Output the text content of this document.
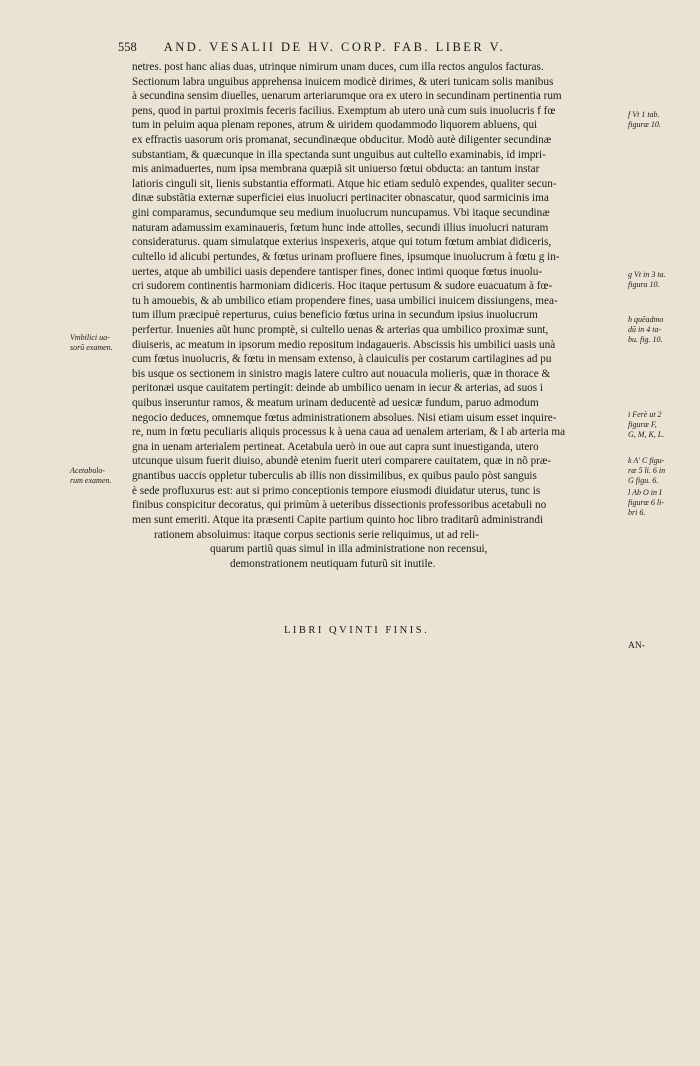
558 AND. VESALII DE HV. CORP. FAB. LIBER V.
netres. post hanc alias duas, utrinque nimirum unam duces, cum illa rectos angulos facturas.
Sectionum labra unguibus apprehensa inuicem modicè dirimes, & uteri tunicam solis manibus
à secundina sensim diuelles, uenarum arteriarumque ora ex utero in secundinam pertinentia rum
pens, quod in partui proximis feceris facilius. Exemptum ab utero unà cum suis inuolucris f fœ
tum in peluim aqua plenam repones, atrum & uiridem quodammodo liquorem abluens, qui
ex effractis uasorum oris promanat, secundinæque obducitur. Modò autè diligenter secundinæ
substantiam, & quæcunque in illa spectanda sunt unguibus aut cultello examinabis, id impri-
mis animaduertes, num ipsa membrana quæpiã sit uniuerso fœtui obducta: an tantum instar
latioris cinguli sit, lienis substantia efformati. Atque hic etiam sedulò expendes, qualiter secun-
dinæ substãtia externæ superficiei eius inuolucri pertinaciter obnascatur, quod sarmicinis ima
gini comparamus, secundumque seu medium inuolucrum nuncupamus. Vbi itaque secundinæ
naturam adamussim examinaueris, fœtum hunc inde attolles, secundi illius inuolucri naturam
consideraturus. quam simulatque exterius inspexeris, atque qui totum fœtum ambiat didiceris,
cultello id alicubi pertundes, & fœtus urinam profluere fines, ipsumque inuolucrum à fœtu g in-
uertes, atque ab umbilici uasis dependere tantisper fines, donec intimi quoque fœtus inuolu-
cri sudorem continentis harmoniam didiceris. Hoc itaque pertusum & sudore euacuatum à fœ-
tu h amouebis, & ab umbilico etiam propendere fines, uasa umbilici inuicem dissiungens, mea-
tum illum præcipuè reperturus, cuius beneficio fœtus urina in secundum ipsius inuolucrum
perfertur. Inuenies aũt hunc promptè, si cultello uenas & arterias qua umbilico proximæ sunt,
diuiseris, ac meatum in ipsorum medio repositum indagaueris. Abscissis his umbilici uasis unà
cum fœtus inuolucris, & fœtu in mensam extenso, à clauiculis per costarum cartilagines ad pu
bis usque os sectionem in sinistro magis latere cultro aut nouacula molieris, quæ in thorace &
peritonæi usque cauitatem pertingit: deinde ab umbilico uenam in iecur & arterias, ad suos i
quibus inseruntur ramos, & meatum urinam deducentè ad uesicæ fundum, paruo admodum
negocio deduces, omnemque fœtus administrationem absolues. Nisi etiam uisum esset inquire-
re, num in fœtu peculiaris aliquis processus k à uena caua ad uenalem arteriam, & l ab arteria ma
gna in uenam arterialem pertineat. Acetabula uerò in oue aut capra sunt inuestiganda, utero
utcunque uisum fuerit diuiso, abundè etenim fuerit uteri comparere cauitatem, quæ in nõ præ-
gnantibus uaccis oppletur tuberculis ab illis non dissimilibus, ex quibus paulo pòst sanguis
è sede profluxurus est: aut si primo conceptionis tempore eiusmodi diuidatur uterus, tunc is
finibus conspicitur decoratus, qui primùm à ueteribus dissectionis professoribus acetabuli no
men sunt emeriti. Atque ita præsenti Capite partium quinto hoc libro traditarũ administrandi
rationem absoluimus: itaque corpus sectionis serie reliquimus, ut ad reli-
quarum partiũ quas simul in illa administratione non recensui,
demonstrationem neutiquam futurũ sit inutile.
LIBRI QVINTI FINIS.
AN-
Vmbilici ua-
sorũ examen.
Acetabulo-
rum examen.
f Vt 1 tab.
figuræ 10.
g Vt in 3 ta.
figura 10.
h quẽadmo
dũ in 4 ta-
bu. fig. 10.
i Ferè ut 2
figuræ F,
G, M, K, L.
k A' C figu-
ræ 5 li. 6 in
G figu. 6.
l Ab O in I
figuræ 6 li-
bri 6.
